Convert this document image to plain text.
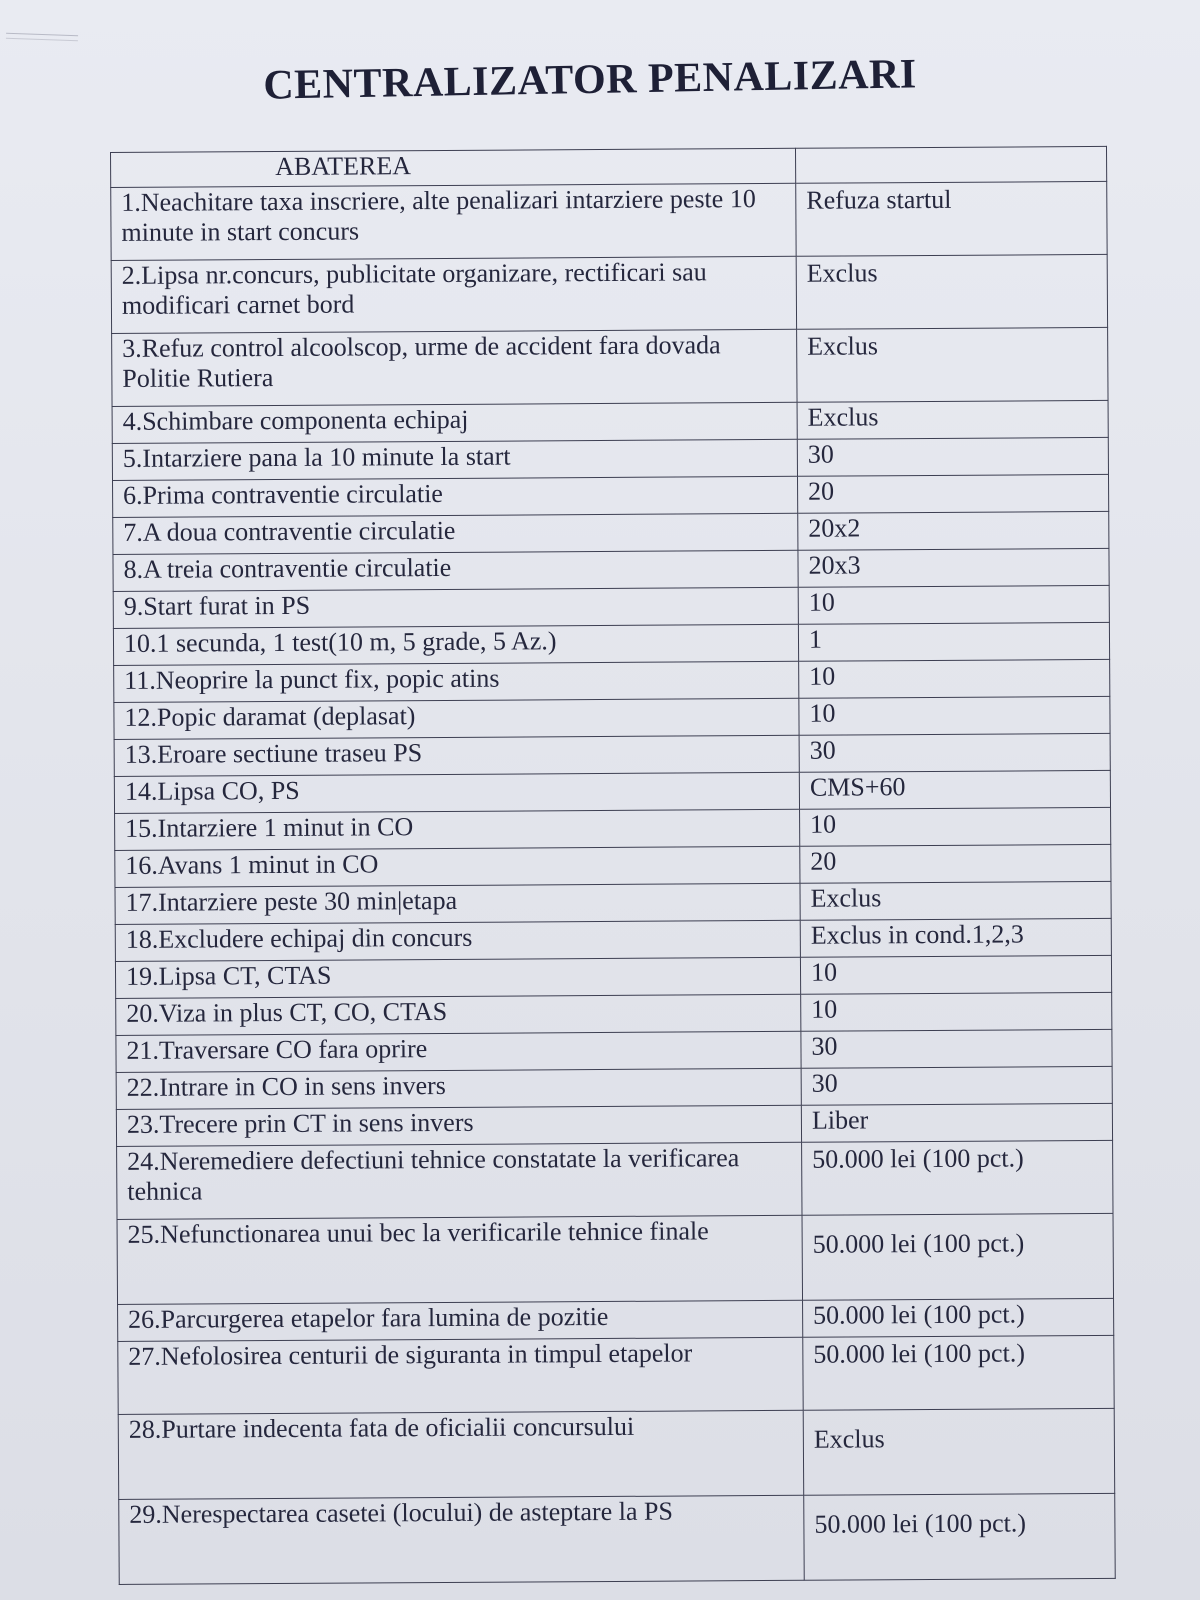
CENTRALIZATOR PENALIZARI
ABATEREA	
1.Neachitare taxa inscriere, alte penalizari intarziere peste 10 minute in start concurs	Refuza startul
2.Lipsa nr.concurs, publicitate organizare, rectificari sau modificari carnet bord	Exclus
3.Refuz control alcoolscop, urme de accident fara dovada Politie Rutiera	Exclus
4.Schimbare componenta echipaj	Exclus
5.Intarziere pana la 10 minute la start	30
6.Prima contraventie circulatie	20
7.A doua contraventie circulatie	20x2
8.A treia contraventie circulatie	20x3
9.Start furat in PS	10
10.1 secunda, 1 test(10 m, 5 grade, 5 Az.)	1
11.Neoprire la punct fix, popic atins	10
12.Popic daramat (deplasat)	10
13.Eroare sectiune traseu PS	30
14.Lipsa CO, PS	CMS+60
15.Intarziere 1 minut in CO	10
16.Avans 1 minut in CO	20
17.Intarziere peste 30 min|etapa	Exclus
18.Excludere echipaj din concurs	Exclus in cond.1,2,3
19.Lipsa CT, CTAS	10
20.Viza in plus CT, CO, CTAS	10
21.Traversare CO fara oprire	30
22.Intrare in CO in sens invers	30
23.Trecere prin CT in sens invers	Liber
24.Neremediere defectiuni tehnice constatate la verificarea tehnica	50.000 lei (100 pct.)
25.Nefunctionarea unui bec la verificarile tehnice finale	50.000 lei (100 pct.)
26.Parcurgerea etapelor fara lumina de pozitie	50.000 lei (100 pct.)
27.Nefolosirea centurii de siguranta in timpul etapelor	50.000 lei (100 pct.)
28.Purtare indecenta fata de oficialii concursului	Exclus
29.Nerespectarea casetei (locului) de asteptare la PS	50.000 lei (100 pct.)
